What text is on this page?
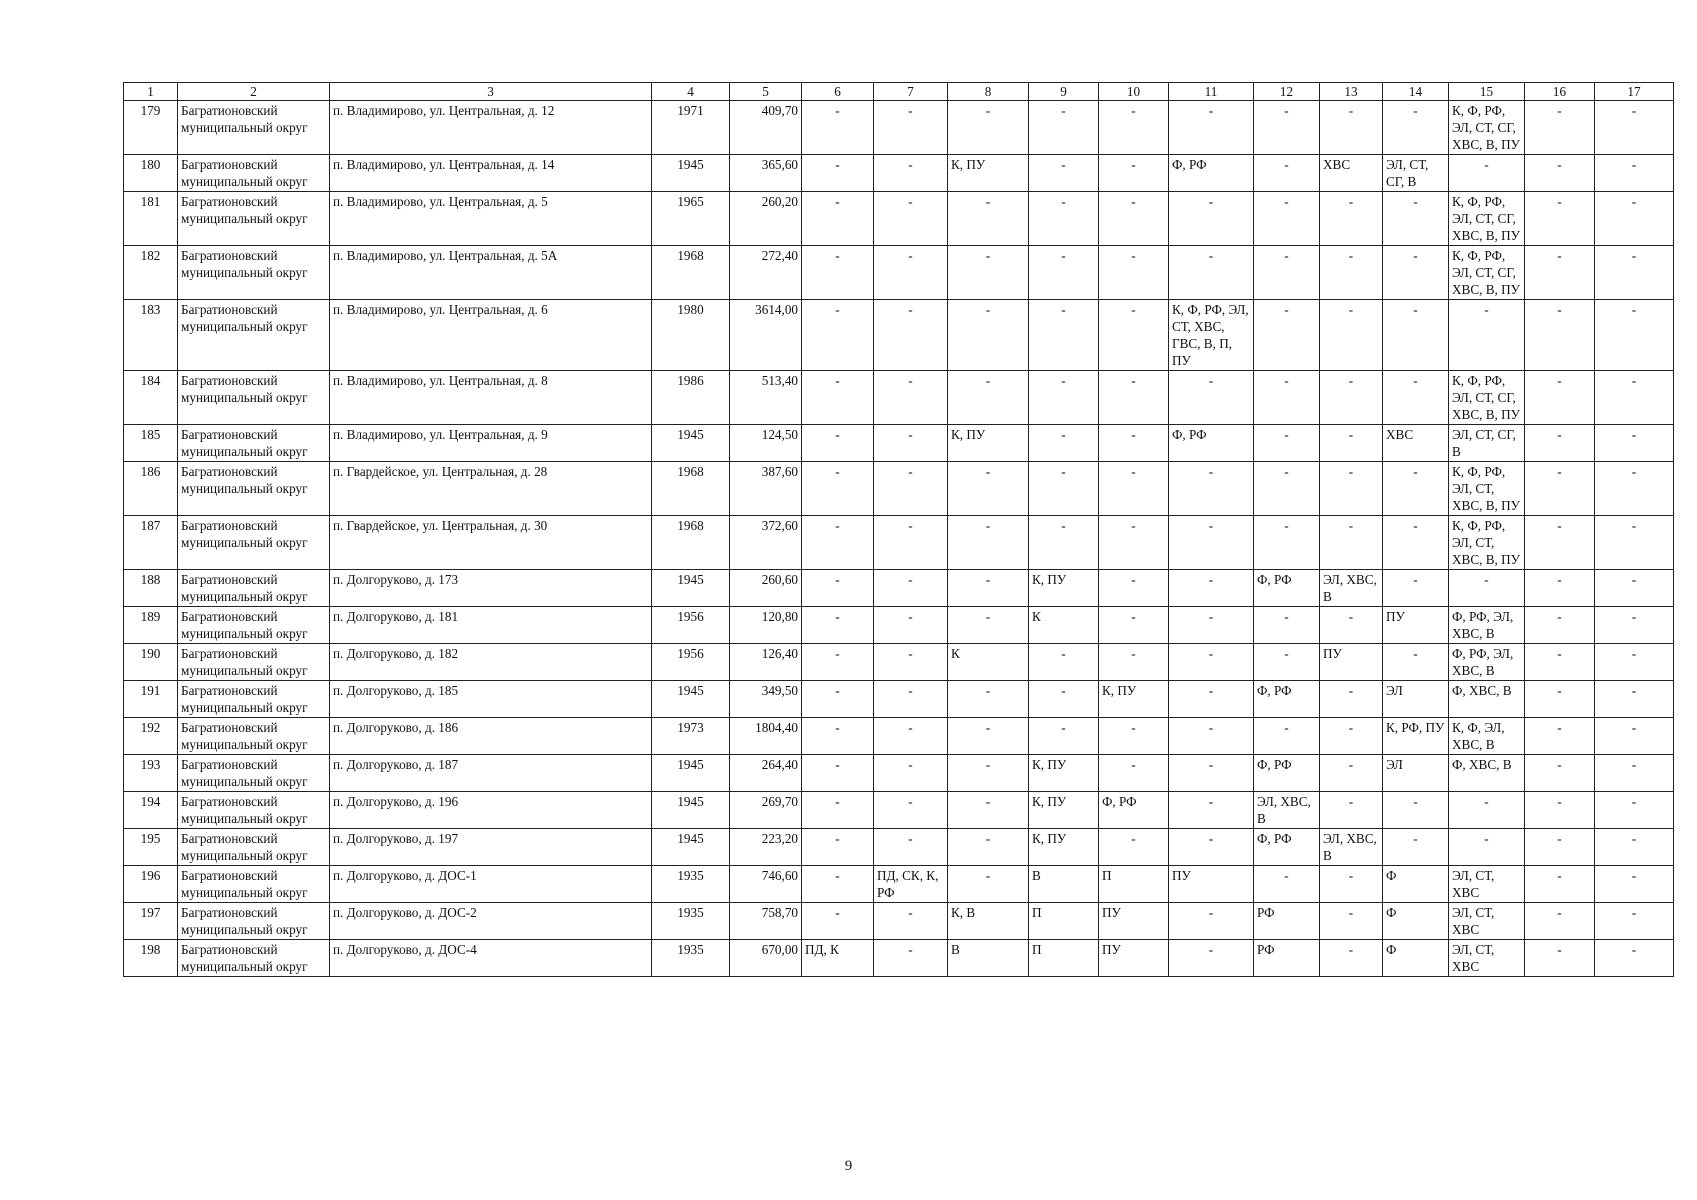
1	2	3	4	5	6	7	8	9	10	11	12	13	14	15	16	17
179	Багратионовский муниципальный округ	п. Владимирово, ул. Центральная, д. 12	1971	409,70	-	-	-	-	-	-	-	-	-	К, Ф, РФ, ЭЛ, СТ, СГ, ХВС, В, ПУ	-	-
180	Багратионовский муниципальный округ	п. Владимирово, ул. Центральная, д. 14	1945	365,60	-	-	К, ПУ	-	-	Ф, РФ	-	ХВС	ЭЛ, СТ, СГ, В	-	-	-
181	Багратионовский муниципальный округ	п. Владимирово, ул. Центральная, д. 5	1965	260,20	-	-	-	-	-	-	-	-	-	К, Ф, РФ, ЭЛ, СТ, СГ, ХВС, В, ПУ	-	-
182	Багратионовский муниципальный округ	п. Владимирово, ул. Центральная, д. 5А	1968	272,40	-	-	-	-	-	-	-	-	-	К, Ф, РФ, ЭЛ, СТ, СГ, ХВС, В, ПУ	-	-
183	Багратионовский муниципальный округ	п. Владимирово, ул. Центральная, д. 6	1980	3614,00	-	-	-	-	-	К, Ф, РФ, ЭЛ, СТ, ХВС, ГВС, В, П, ПУ	-	-	-	-	-	-
184	Багратионовский муниципальный округ	п. Владимирово, ул. Центральная, д. 8	1986	513,40	-	-	-	-	-	-	-	-	-	К, Ф, РФ, ЭЛ, СТ, СГ, ХВС, В, ПУ	-	-
185	Багратионовский муниципальный округ	п. Владимирово, ул. Центральная, д. 9	1945	124,50	-	-	К, ПУ	-	-	Ф, РФ	-	-	ХВС	ЭЛ, СТ, СГ, В	-	-
186	Багратионовский муниципальный округ	п. Гвардейское, ул. Центральная, д. 28	1968	387,60	-	-	-	-	-	-	-	-	-	К, Ф, РФ, ЭЛ, СТ, ХВС, В, ПУ	-	-
187	Багратионовский муниципальный округ	п. Гвардейское, ул. Центральная, д. 30	1968	372,60	-	-	-	-	-	-	-	-	-	К, Ф, РФ, ЭЛ, СТ, ХВС, В, ПУ	-	-
188	Багратионовский муниципальный округ	п. Долгоруково, д. 173	1945	260,60	-	-	-	К, ПУ	-	-	Ф, РФ	ЭЛ, ХВС, В	-	-	-	-
189	Багратионовский муниципальный округ	п. Долгоруково, д. 181	1956	120,80	-	-	-	К	-	-	-	-	ПУ	Ф, РФ, ЭЛ, ХВС, В	-	-
190	Багратионовский муниципальный округ	п. Долгоруково, д. 182	1956	126,40	-	-	К	-	-	-	-	ПУ	-	Ф, РФ, ЭЛ, ХВС, В	-	-
191	Багратионовский муниципальный округ	п. Долгоруково, д. 185	1945	349,50	-	-	-	-	К, ПУ	-	Ф, РФ	-	ЭЛ	Ф, ХВС, В	-	-
192	Багратионовский муниципальный округ	п. Долгоруково, д. 186	1973	1804,40	-	-	-	-	-	-	-	-	К, РФ, ПУ	К, Ф, ЭЛ, ХВС, В	-	-
193	Багратионовский муниципальный округ	п. Долгоруково, д. 187	1945	264,40	-	-	-	К, ПУ	-	-	Ф, РФ	-	ЭЛ	Ф, ХВС, В	-	-
194	Багратионовский муниципальный округ	п. Долгоруково, д. 196	1945	269,70	-	-	-	К, ПУ	Ф, РФ	-	ЭЛ, ХВС, В	-	-	-	-	-
195	Багратионовский муниципальный округ	п. Долгоруково, д. 197	1945	223,20	-	-	-	К, ПУ	-	-	Ф, РФ	ЭЛ, ХВС, В	-	-	-	-
196	Багратионовский муниципальный округ	п. Долгоруково, д. ДОС-1	1935	746,60	-	ПД, СК, К, РФ	-	В	П	ПУ	-	-	Ф	ЭЛ, СТ, ХВС	-	-
197	Багратионовский муниципальный округ	п. Долгоруково, д. ДОС-2	1935	758,70	-	-	К, В	П	ПУ	-	РФ	-	Ф	ЭЛ, СТ, ХВС	-	-
198	Багратионовский муниципальный округ	п. Долгоруково, д. ДОС-4	1935	670,00	ПД, К	-	В	П	ПУ	-	РФ	-	Ф	ЭЛ, СТ, ХВС	-	-
9
